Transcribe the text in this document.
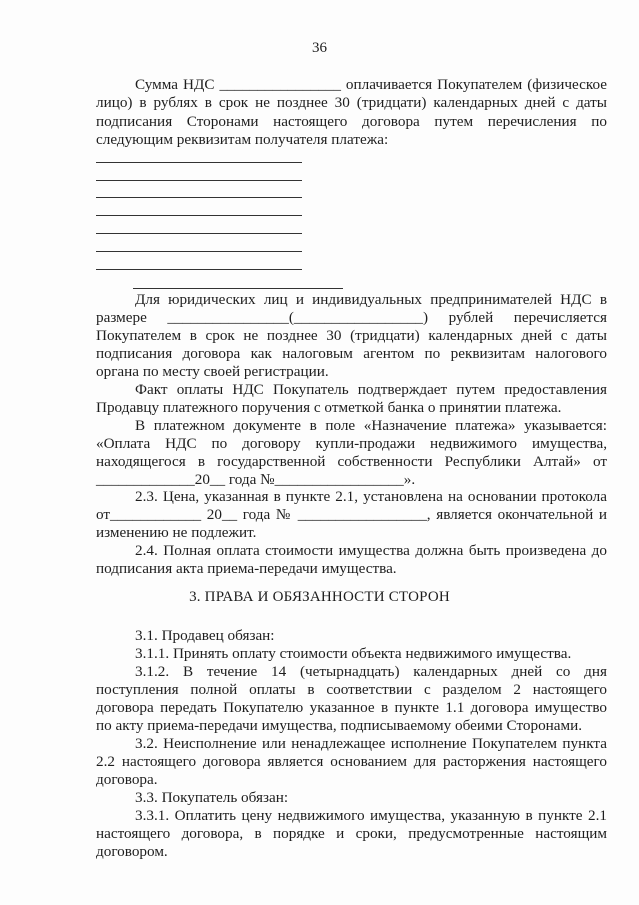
36
Сумма НДС ________________ оплачивается Покупателем (физическое
лицо) в рублях в срок не позднее 30 (тридцати) календарных дней с даты
подписания Сторонами настоящего договора путем перечисления по
следующим реквизитам получателя платежа:
Для юридических лиц и индивидуальных предпринимателей НДС в
размере ________________(_________________) рублей перечисляется
Покупателем в срок не позднее 30 (тридцати) календарных дней с даты
подписания договора как налоговым агентом по реквизитам налогового
органа по месту своей регистрации.
Факт оплаты НДС Покупатель подтверждает путем предоставления
Продавцу платежного поручения с отметкой банка о принятии платежа.
В платежном документе в поле «Назначение платежа» указывается:
«Оплата НДС по договору купли-продажи недвижимого имущества,
находящегося в государственной собственности Республики Алтай» от
_____________20__ года №_________________».
2.3. Цена, указанная в пункте 2.1, установлена на основании протокола
от____________ 20__ года № _________________, является окончательной и
изменению не подлежит.
2.4. Полная оплата стоимости имущества должна быть произведена до
подписания акта приема-передачи имущества.
3. ПРАВА И ОБЯЗАННОСТИ СТОРОН
3.1. Продавец обязан:
3.1.1. Принять оплату стоимости объекта недвижимого имущества.
3.1.2. В течение 14 (четырнадцать) календарных дней со дня
поступления полной оплаты в соответствии с разделом 2 настоящего
договора передать Покупателю указанное в пункте 1.1 договора имущество
по акту приема-передачи имущества, подписываемому обеими Сторонами.
3.2. Неисполнение или ненадлежащее исполнение Покупателем пункта
2.2 настоящего договора является основанием для расторжения настоящего
договора.
3.3. Покупатель обязан:
3.3.1. Оплатить цену недвижимого имущества, указанную в пункте 2.1
настоящего договора, в порядке и сроки, предусмотренные настоящим
договором.
